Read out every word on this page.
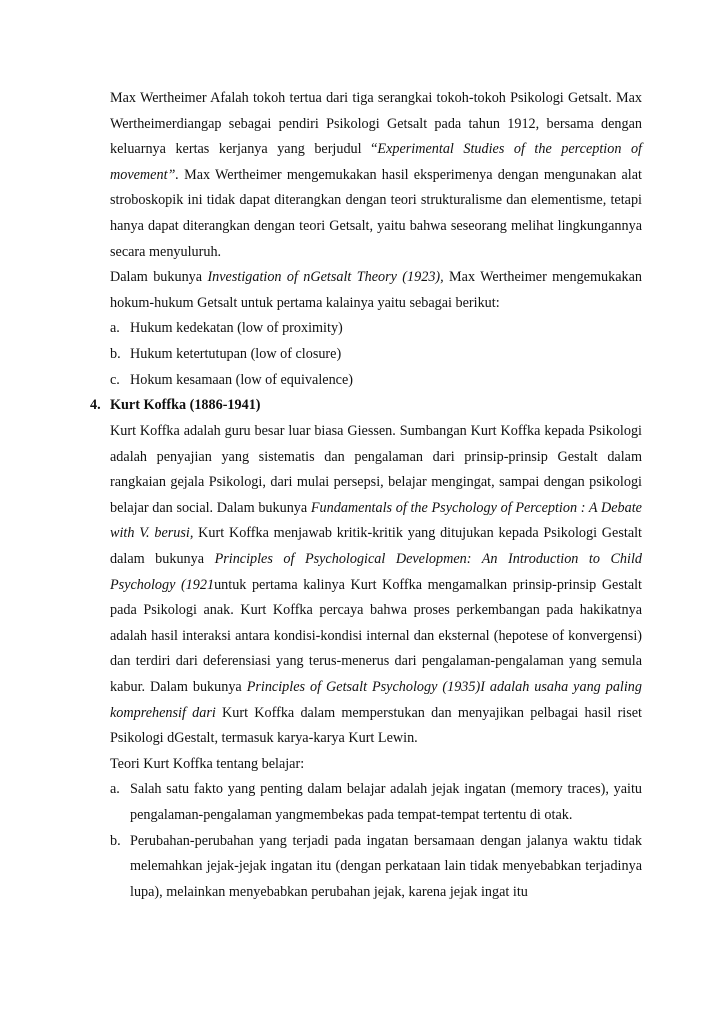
Max Wertheimer Afalah tokoh tertua dari tiga serangkai tokoh-tokoh Psikologi Getsalt. Max Wertheimerdiangap sebagai pendiri Psikologi Getsalt pada tahun 1912, bersama dengan keluarnya kertas kerjanya yang berjudul “Experimental Studies of the perception of movement”. Max Wertheimer mengemukakan hasil eksperimenya dengan mengunakan alat stroboskopik ini tidak dapat diterangkan dengan teori strukturalisme dan elementisme, tetapi hanya dapat diterangkan dengan teori Getsalt, yaitu bahwa seseorang melihat lingkungannya secara menyuluruh.

Dalam bukunya Investigation of nGetsalt Theory (1923), Max Wertheimer mengemukakan hokum-hukum Getsalt untuk pertama kalainya yaitu sebagai berikut:

a. Hukum kedekatan (low of proximity)
b. Hukum ketertutupan (low of closure)
c. Hokum kesamaan (low of equivalence)
4. Kurt Koffka (1886-1941)

Kurt Koffka adalah guru besar luar biasa Giessen. Sumbangan Kurt Koffka kepada Psikologi adalah penyajian yang sistematis dan pengalaman dari prinsip-prinsip Gestalt dalam rangkaian gejala Psikologi, dari mulai persepsi, belajar mengingat, sampai dengan psikologi belajar dan social. Dalam bukunya Fundamentals of the Psychology of Perception : A Debate with V. berusi, Kurt Koffka menjawab kritik-kritik yang ditujukan kepada Psikologi Gestalt dalam bukunya Principles of Psychological Developmen: An Introduction to Child Psychology (1921untuk pertama kalinya Kurt Koffka mengamalkan prinsip-prinsip Gestalt pada Psikologi anak. Kurt Koffka percaya bahwa proses perkembangan pada hakikatnya adalah hasil interaksi antara kondisi-kondisi internal dan eksternal (hepotese of konvergensi) dan terdiri dari deferensiasi yang terus-menerus dari pengalaman-pengalaman yang semula kabur. Dalam bukunya Principles of Getsalt Psychology (1935)I adalah usaha yang paling komprehensif dari Kurt Koffka dalam memperstukan dan menyajikan pelbagai hasil riset Psikologi dGestalt, termasuk karya-karya Kurt Lewin.

Teori Kurt Koffka tentang belajar:

a. Salah satu fakto yang penting dalam belajar adalah jejak ingatan (memory traces), yaitu pengalaman-pengalaman yangmembekas pada tempat-tempat tertentu di otak.
b. Perubahan-perubahan yang terjadi pada ingatan bersamaan dengan jalanya waktu tidak melemahkan jejak-jejak ingatan itu (dengan perkataan lain tidak menyebabkan terjadinya lupa), melainkan menyebabkan perubahan jejak, karena jejak ingat itu
